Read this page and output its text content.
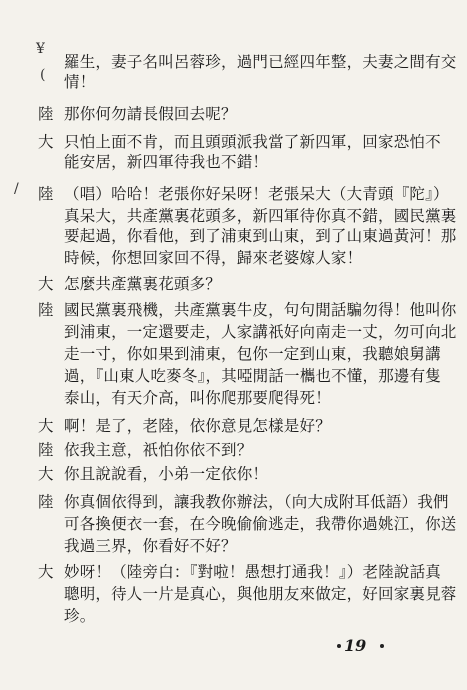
¥
(
/
羅生，妻子名叫呂蓉珍，過門已經四年整，夫妻之間有交
情！
陸 那你何勿請長假回去呢？
大 只怕上面不肯，而且頭頭派我當了新四軍，回家恐怕不
能安居，新四軍待我也不錯！
陸 （唱）哈哈！老張你好呆呀！老張呆大（大青頭『陀』）
真呆大，共產黨裏花頭多，新四軍待你真不錯，國民黨裏
要起過，你看他，到了浦東到山東，到了山東過黃河！那
時候，你想回家回不得，歸來老婆嫁人家！
大 怎麼共產黨裏花頭多？
陸 國民黨裏飛機，共產黨裏牛皮，句句閒話騙勿得！他叫你
到浦東，一定還要走，人家講祇好向南走一丈，勿可向北
走一寸，你如果到浦東，包你一定到山東，我聽娘舅講
過，『山東人吃麥冬』，其啞閒話一欈也不懂，那邊有隻
泰山，有天介高，叫你爬那要爬得死！
大 啊！是了，老陸，依你意見怎樣是好？
陸 依我主意，祇怕你依不到？
大 你且說說看，小弟一定依你！
陸 你真個依得到，讓我教你辦法，（向大成附耳低語）我們
可各換便衣一套，在今晚偷偷逃走，我帶你過姚江，你送
我過三界，你看好不好？
大 妙呀！（陸旁白：『對啦！愚想打通我！』）老陸說話真
聰明，待人一片是真心，與他朋友來做定，好回家裏見蓉
珍。
19
